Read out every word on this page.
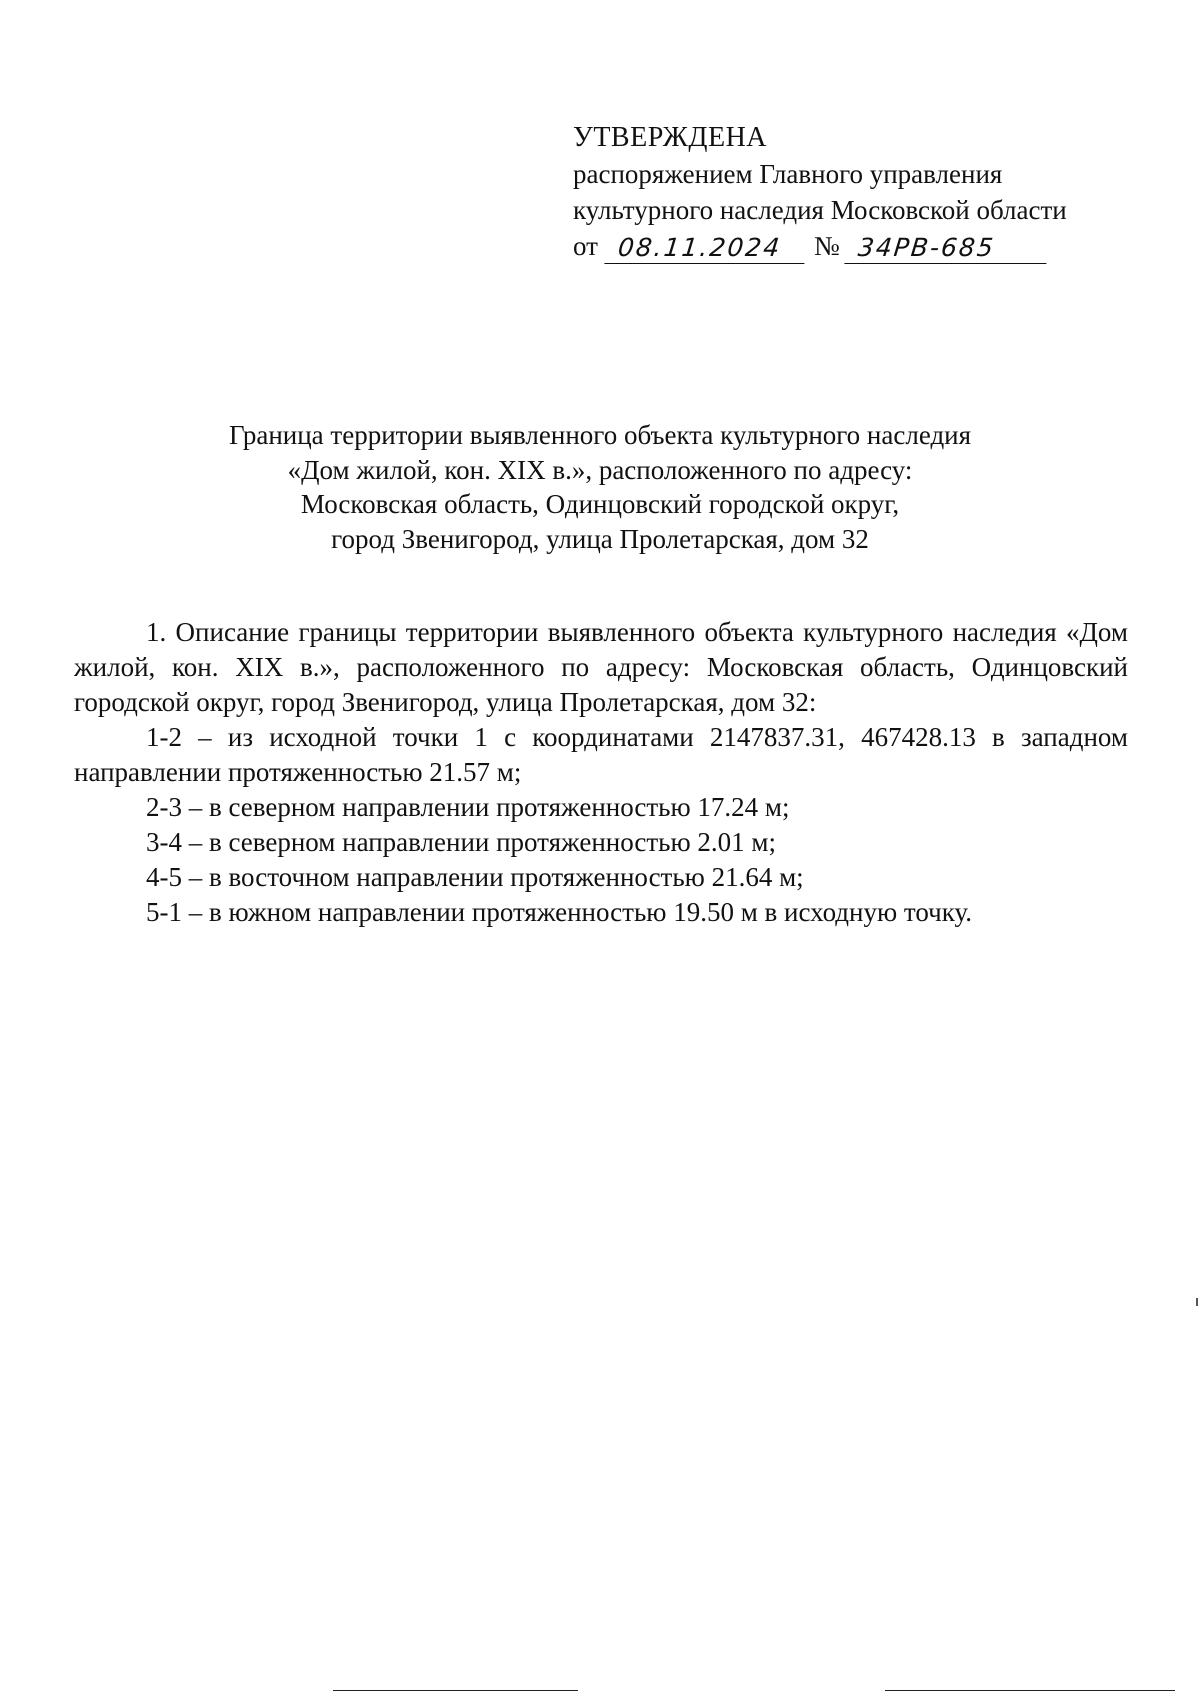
УТВЕРЖДЕНА
распоряжением Главного управления
культурного наследия Московской области
от 08.11.2024	№ 34РВ-685
Граница территории выявленного объекта культурного наследия
«Дом жилой, кон. XIX в.», расположенного по адресу:
Московская область, Одинцовский городской округ,
город Звенигород, улица Пролетарская, дом 32

1. Описание границы территории выявленного объекта культурного наследия «Дом жилой, кон. XIX в.», расположенного по адресу: Московская область, Одинцовский городской округ, город Звенигород, улица Пролетарская, дом 32:

1-2 – из исходной точки 1 с координатами 2147837.31, 467428.13 в западном направлении протяженностью 21.57 м;

2-3 – в северном направлении протяженностью 17.24 м;

3-4 – в северном направлении протяженностью 2.01 м;

4-5 – в восточном направлении протяженностью 21.64 м;

5-1 – в южном направлении протяженностью 19.50 м в исходную точку.
